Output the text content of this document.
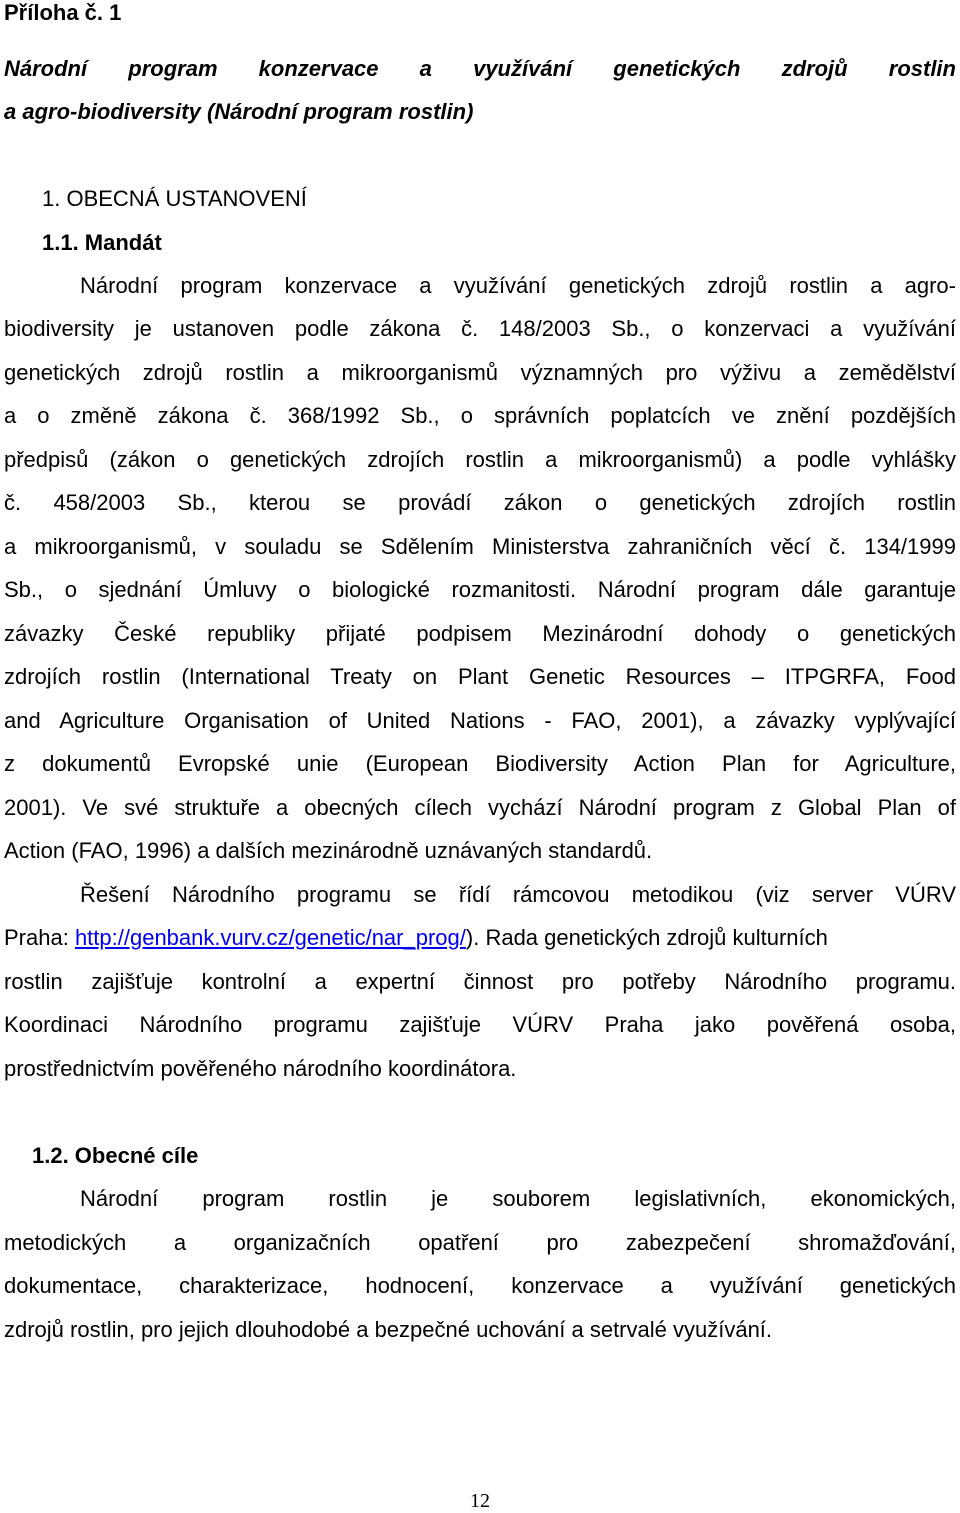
Příloha č. 1
Národní program konzervace a využívání genetických zdrojů rostlin
a agro-biodiversity (Národní program rostlin)
1. OBECNÁ USTANOVENÍ
1.1. Mandát
Národní program konzervace a využívání genetických zdrojů rostlin a agro-
biodiversity je ustanoven podle zákona č. 148/2003 Sb., o konzervaci a využívání
genetických zdrojů rostlin a mikroorganismů významných pro výživu a zemědělství
a o změně zákona č. 368/1992 Sb., o správních poplatcích ve znění pozdějších
předpisů (zákon o genetických zdrojích rostlin a mikroorganismů) a podle vyhlášky
č. 458/2003 Sb., kterou se provádí zákon o genetických zdrojích rostlin
a mikroorganismů, v souladu se Sdělením Ministerstva zahraničních věcí č. 134/1999
Sb., o sjednání Úmluvy o biologické rozmanitosti. Národní program dále garantuje
závazky České republiky přijaté podpisem Mezinárodní dohody o genetických
zdrojích rostlin (International Treaty on Plant Genetic Resources – ITPGRFA, Food
and Agriculture Organisation of United Nations - FAO, 2001), a závazky vyplývající
z dokumentů Evropské unie (European Biodiversity Action Plan for Agriculture,
2001). Ve své struktuře a obecných cílech vychází Národní program z Global Plan of
Action (FAO, 1996) a dalších mezinárodně uznávaných standardů.
Řešení Národního programu se řídí rámcovou metodikou (viz server VÚRV
Praha: http://genbank.vurv.cz/genetic/nar_prog/). Rada genetických zdrojů kulturních
rostlin zajišťuje kontrolní a expertní činnost pro potřeby Národního programu.
Koordinaci Národního programu zajišťuje VÚRV Praha jako pověřená osoba,
prostřednictvím pověřeného národního koordinátora.
1.2. Obecné cíle
Národní program rostlin je souborem legislativních, ekonomických,
metodických a organizačních opatření pro zabezpečení shromažďování,
dokumentace, charakterizace, hodnocení, konzervace a využívání genetických
zdrojů rostlin, pro jejich dlouhodobé a bezpečné uchování a setrvalé využívání.
12
